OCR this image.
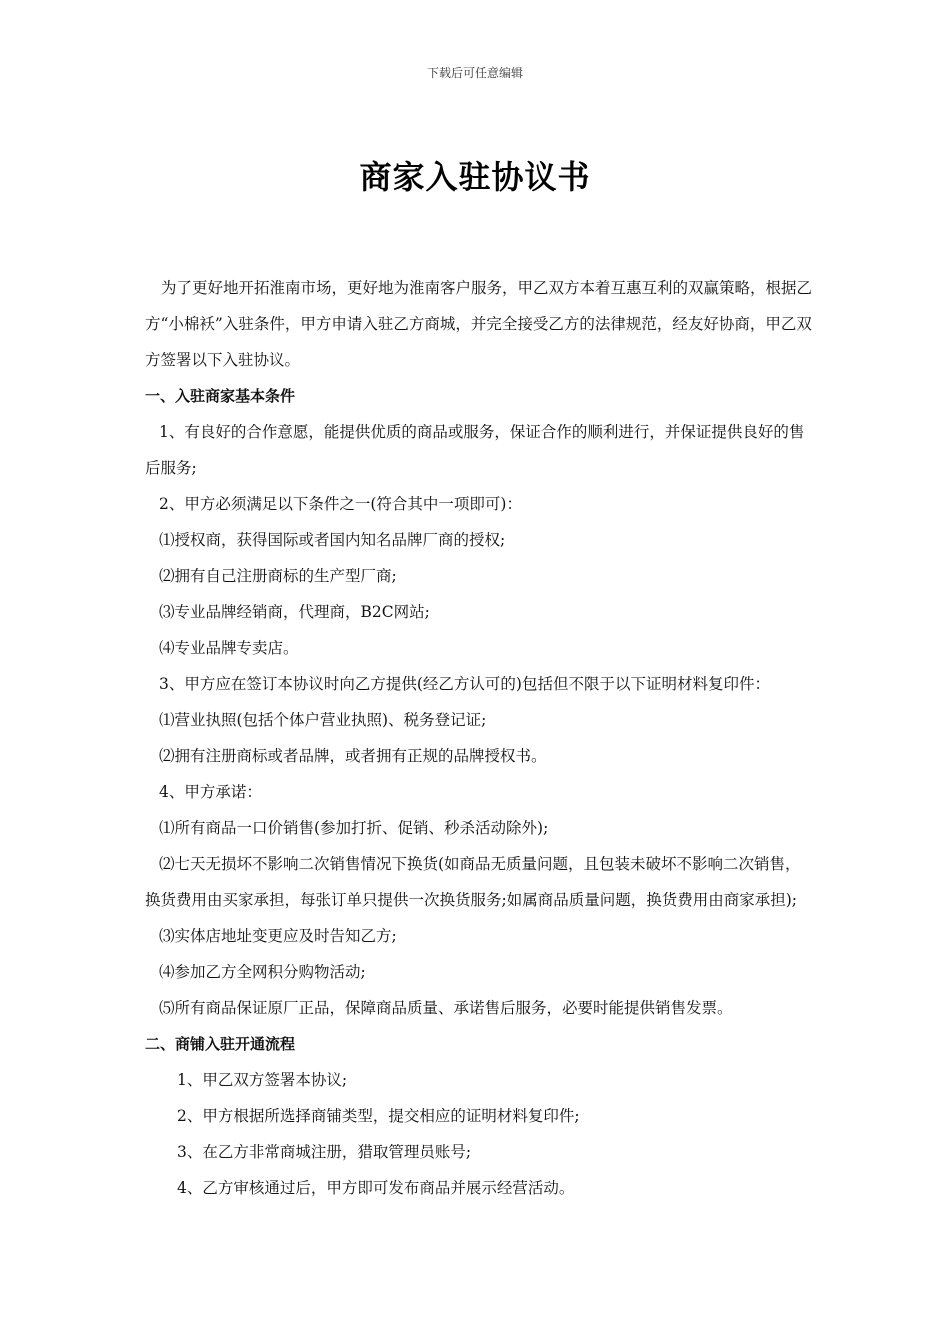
下载后可任意编辑
商家入驻协议书

为了更好地开拓淮南市场，更好地为淮南客户服务，甲乙双方本着互惠互利的双赢策略，根据乙方“小棉袄”入驻条件，甲方申请入驻乙方商城，并完全接受乙方的法律规范，经友好协商，甲乙双方签署以下入驻协议。

一、入驻商家基本条件

1、有良好的合作意愿，能提供优质的商品或服务，保证合作的顺利进行，并保证提供良好的售后服务;

2、甲方必须满足以下条件之一(符合其中一项即可)：

⑴授权商，获得国际或者国内知名品牌厂商的授权;

⑵拥有自己注册商标的生产型厂商;

⑶专业品牌经销商，代理商，B2C网站;

⑷专业品牌专卖店。

3、甲方应在签订本协议时向乙方提供(经乙方认可的)包括但不限于以下证明材料复印件：

⑴营业执照(包括个体户营业执照)、税务登记证;

⑵拥有注册商标或者品牌，或者拥有正规的品牌授权书。

4、甲方承诺：

⑴所有商品一口价销售(参加打折、促销、秒杀活动除外);

⑵七天无损坏不影响二次销售情况下换货(如商品无质量问题，且包装未破坏不影响二次销售，换货费用由买家承担，每张订单只提供一次换货服务;如属商品质量问题，换货费用由商家承担);

⑶实体店地址变更应及时告知乙方;

⑷参加乙方全网积分购物活动;

⑸所有商品保证原厂正品，保障商品质量、承诺售后服务，必要时能提供销售发票。

二、商铺入驻开通流程

1、甲乙双方签署本协议;

2、甲方根据所选择商铺类型，提交相应的证明材料复印件;

3、在乙方非常商城注册，猎取管理员账号;

4、乙方审核通过后，甲方即可发布商品并展示经营活动。
